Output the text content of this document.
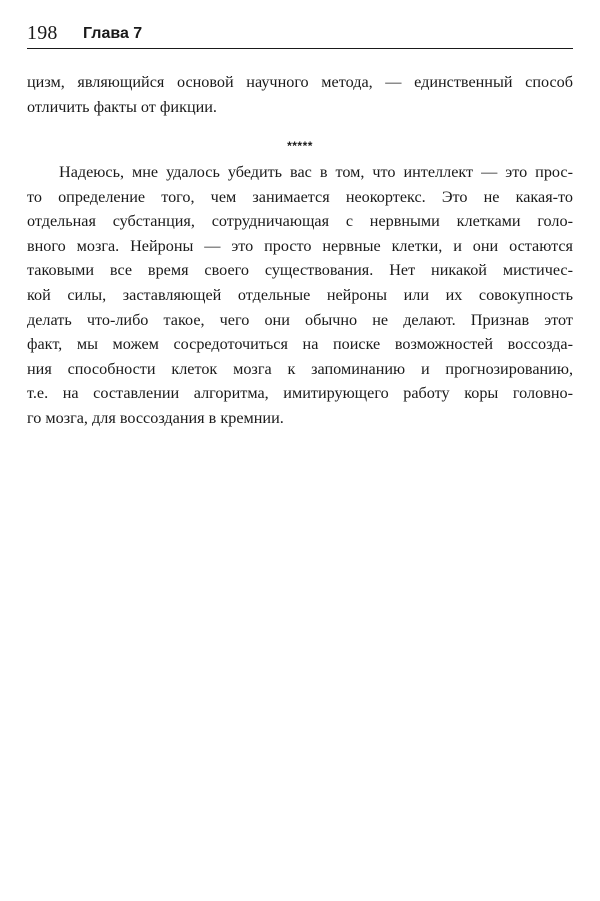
198 Глава 7
цизм, являющийся основой научного метода, — единственный способ
отличить факты от фикции.
*****
Надеюсь, мне удалось убедить вас в том, что интеллект — это прос-
то определение того, чем занимается неокортекс. Это не какая-то
отдельная субстанция, сотрудничающая с нервными клетками голо-
вного мозга. Нейроны — это просто нервные клетки, и они остаются
таковыми все время своего существования. Нет никакой мистичес-
кой силы, заставляющей отдельные нейроны или их совокупность
делать что-либо такое, чего они обычно не делают. Признав этот
факт, мы можем сосредоточиться на поиске возможностей воссозда-
ния способности клеток мозга к запоминанию и прогнозированию,
т.е. на составлении алгоритма, имитирующего работу коры головно-
го мозга, для воссоздания в кремнии.
